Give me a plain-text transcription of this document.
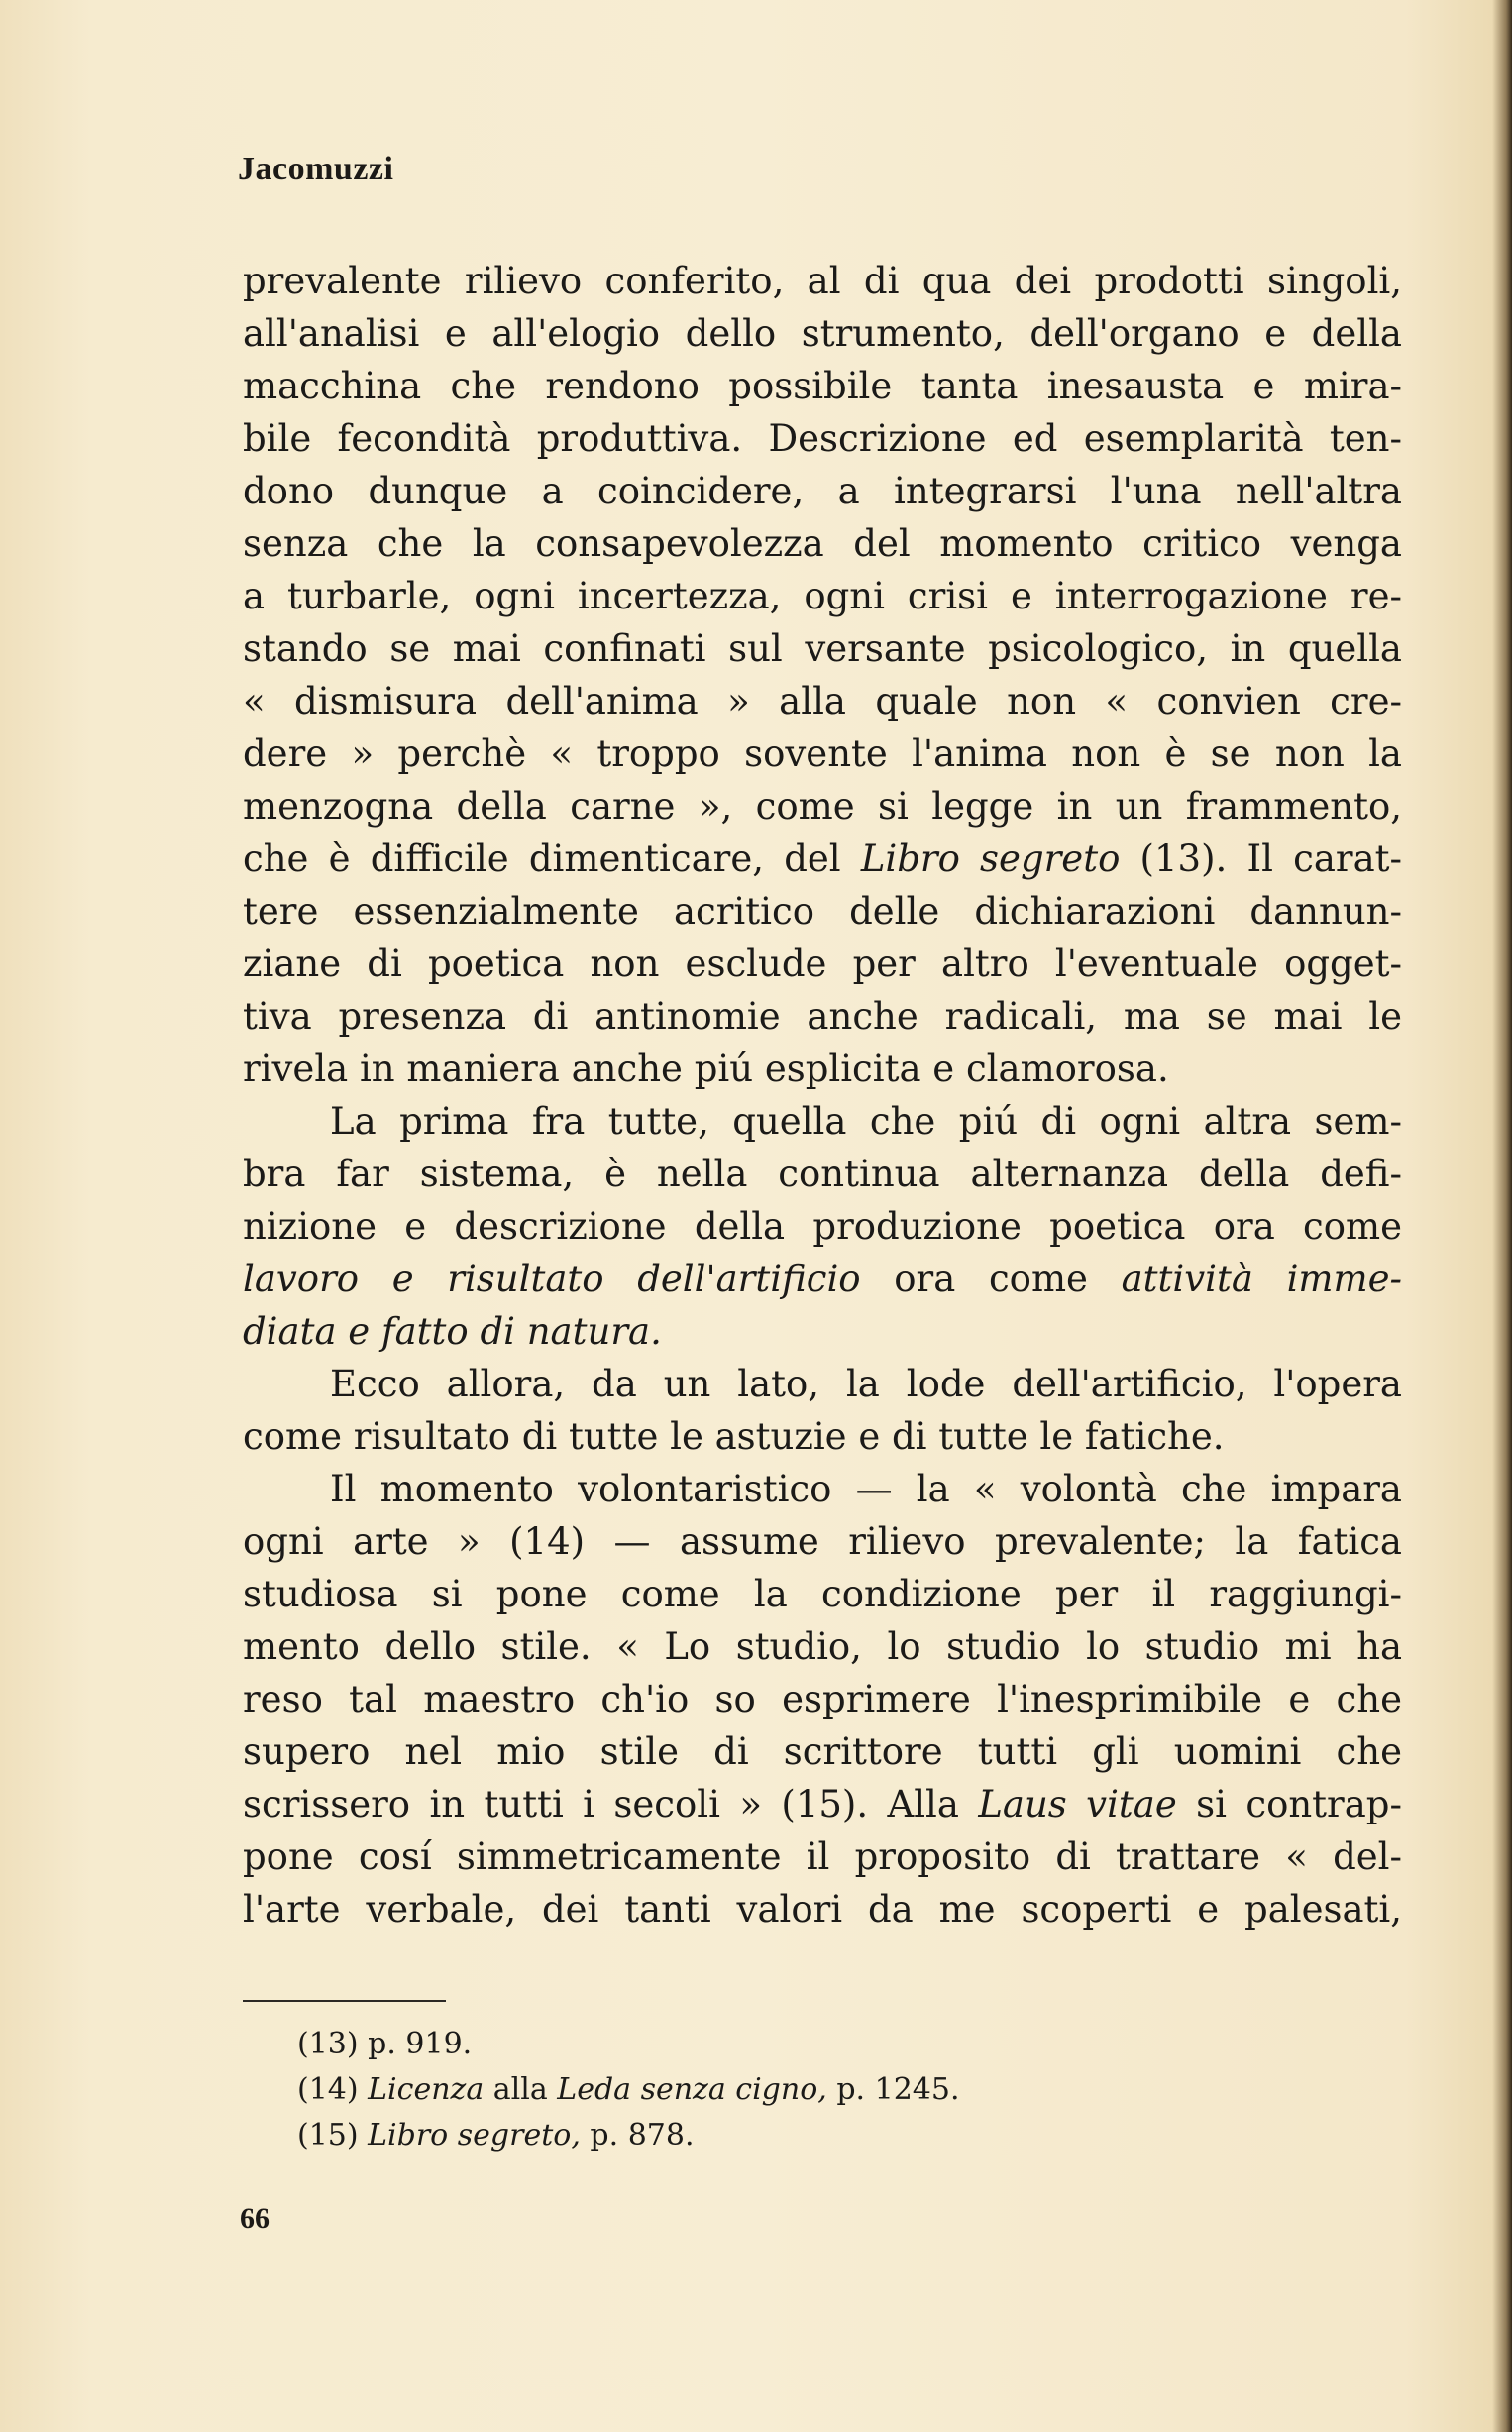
Jacomuzzi
prevalente rilievo conferito, al di qua dei prodotti singoli,
all'analisi e all'elogio dello strumento, dell'organo e della
macchina che rendono possibile tanta inesausta e mira-
bile fecondità produttiva. Descrizione ed esemplarità ten-
dono dunque a coincidere, a integrarsi l'una nell'altra
senza che la consapevolezza del momento critico venga
a turbarle, ogni incertezza, ogni crisi e interrogazione re-
stando se mai confinati sul versante psicologico, in quella
« dismisura dell'anima » alla quale non « convien cre-
dere » perchè « troppo sovente l'anima non è se non la
menzogna della carne », come si legge in un frammento,
che è difficile dimenticare, del Libro segreto (13). Il carat-
tere essenzialmente acritico delle dichiarazioni dannun-
ziane di poetica non esclude per altro l'eventuale ogget-
tiva presenza di antinomie anche radicali, ma se mai le
rivela in maniera anche piú esplicita e clamorosa.
La prima fra tutte, quella che piú di ogni altra sem-
bra far sistema, è nella continua alternanza della defi-
nizione e descrizione della produzione poetica ora come
lavoro e risultato dell'artificio ora come attività imme-
diata e fatto di natura.
Ecco allora, da un lato, la lode dell'artificio, l'opera
come risultato di tutte le astuzie e di tutte le fatiche.
Il momento volontaristico — la « volontà che impara
ogni arte » (14) — assume rilievo prevalente; la fatica
studiosa si pone come la condizione per il raggiungi-
mento dello stile. « Lo studio, lo studio lo studio mi ha
reso tal maestro ch'io so esprimere l'inesprimibile e che
supero nel mio stile di scrittore tutti gli uomini che
scrissero in tutti i secoli » (15). Alla Laus vitae si contrap-
pone cosí simmetricamente il proposito di trattare « del-
l'arte verbale, dei tanti valori da me scoperti e palesati,
(13) p. 919.
(14) Licenza alla Leda senza cigno, p. 1245.
(15) Libro segreto, p. 878.
66
